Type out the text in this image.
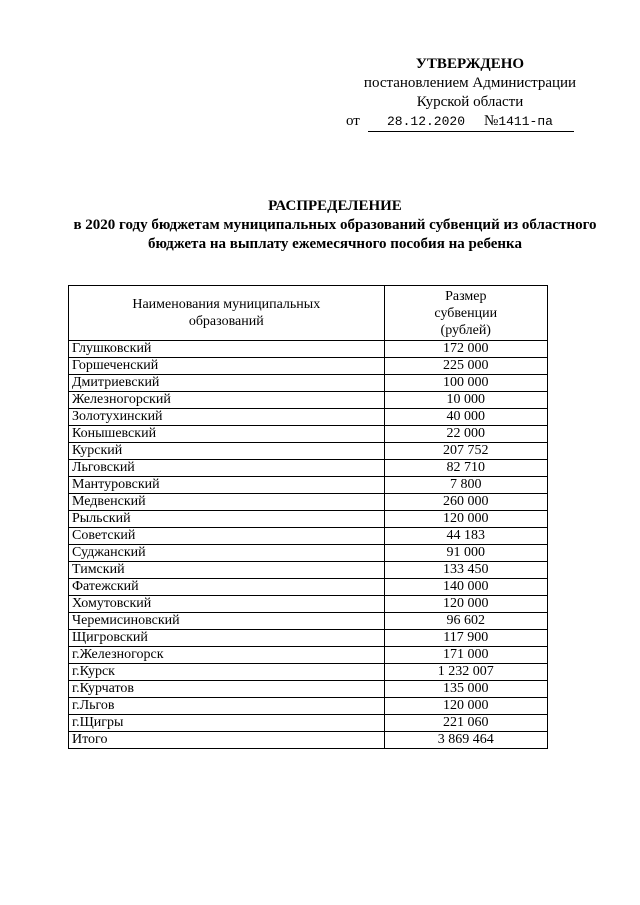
УТВЕРЖДЕНО
постановлением Администрации
Курской области
от	28.12.2020	№1411-па
РАСПРЕДЕЛЕНИЕ
в 2020 году бюджетам муниципальных образований субвенций из областного
бюджета на выплату ежемесячного пособия на ребенка
Наименования муниципальных образований	Размер
субвенции
(рублей)

Глушковский	172 000
Горшеченский	225 000
Дмитриевский	100 000
Железногорский	10 000
Золотухинский	40 000
Конышевский	22 000
Курский	207 752
Льговский	82 710
Мантуровский	7 800
Медвенский	260 000
Рыльский	120 000
Советский	44 183
Суджанский	91 000
Тимский	133 450
Фатежский	140 000
Хомутовский	120 000
Черемисиновский	96 602
Щигровский	117 900
г.Железногорск	171 000
г.Курск	1 232 007
г.Курчатов	135 000
г.Льгов	120 000
г.Щигры	221 060
Итого	3 869 464
